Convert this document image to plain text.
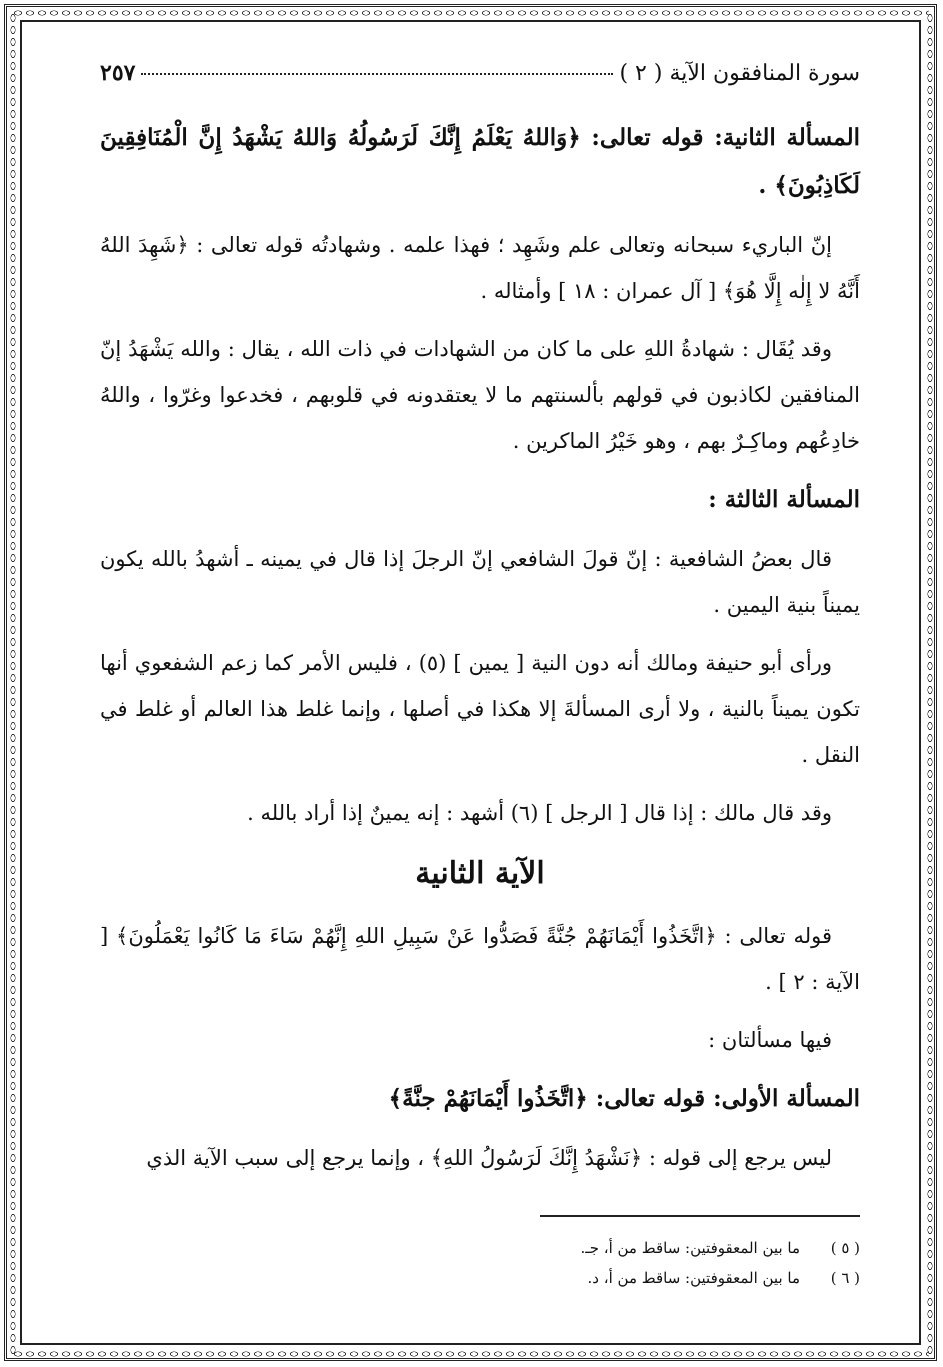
سورة المنافقون الآية ( ٢ )
٢٥٧

المسألة الثانية: قوله تعالى: ﴿وَاللهُ يَعْلَمُ إِنَّكَ لَرَسُولُهُ وَاللهُ يَشْهَدُ إِنَّ الْمُنَافِقِينَ لَكَاذِبُونَ﴾ .

إنّ الباريء سبحانه وتعالى علم وشَهِد ؛ فهذا علمه . وشهادتُه قوله تعالى : ﴿شَهِدَ اللهُ أَنَّهُ لا إِلٰه إِلَّا هُوَ﴾ [ آل عمران : ١٨ ] وأمثاله .

وقد يُقَال : شهادةُ اللهِ على ما كان من الشهادات في ذات الله ، يقال : والله يَشْهَدُ إنّ المنافقين لكاذبون في قولهم بألسنتهم ما لا يعتقدونه في قلوبهم ، فخدعوا وغرّوا ، واللهُ خادِعُهم وماكِـرٌ بهم ، وهو خَيْرُ الماكرين .

المسألة الثالثة :

قال بعضُ الشافعية : إنّ قولَ الشافعي إنّ الرجلَ إذا قال في يمينه ـ أشهدُ بالله يكون يميناً بنية اليمين .

ورأى أبو حنيفة ومالك أنه دون النية [ يمين ] (٥) ، فليس الأمر كما زعم الشفعوي أنها تكون يميناً بالنية ، ولا أرى المسألةَ إلا هكذا في أصلها ، وإنما غلط هذا العالم أو غلط في النقل .

وقد قال مالك : إذا قال [ الرجل ] (٦) أشهد : إنه يمينٌ إذا أراد بالله .

الآية الثانية

قوله تعالى : ﴿اتَّخَذُوا أَيْمَانَهُمْ جُنَّةً فَصَدُّوا عَنْ سَبِيلِ اللهِ إِنَّهُمْ سَاءَ مَا كَانُوا يَعْمَلُونَ﴾ [ الآية : ٢ ] .

فيها مسألتان :

المسألة الأولى: قوله تعالى: ﴿اتَّخَذُوا أَيْمَانَهُمْ جنَّةً﴾

ليس يرجع إلى قوله : ﴿نَشْهَدُ إِنَّكَ لَرَسُولُ اللهِ﴾ ، وإنما يرجع إلى سبب الآية الذي

( ٥ )
ما بين المعقوفتين: ساقط من أ، جـ.
( ٦ )
ما بين المعقوفتين: ساقط من أ، د.
